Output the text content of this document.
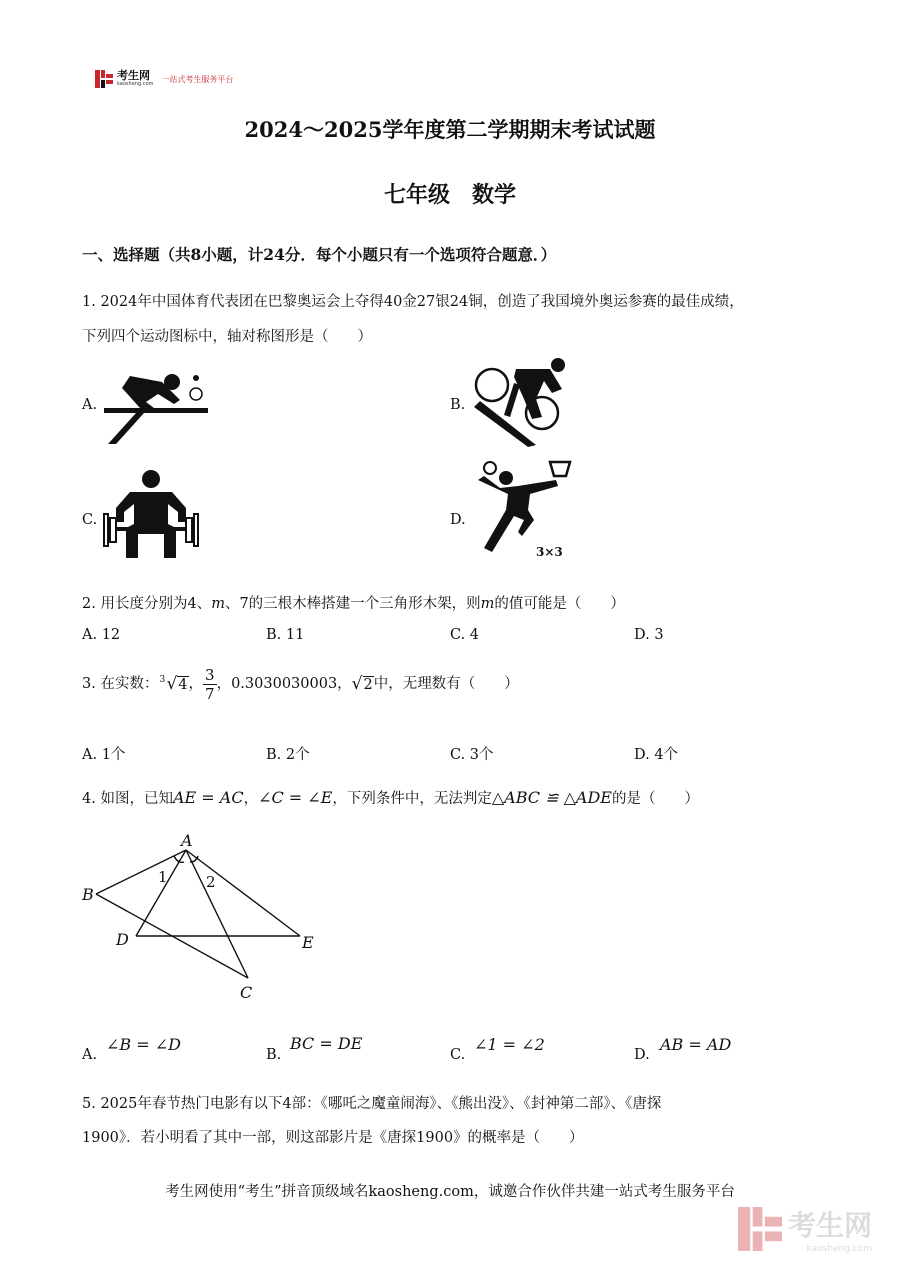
考生网
kaosheng.com
一站式考生服务平台
2024～2025学年度第二学期期末考试试题
七年级　数学
一、选择题（共8小题，计24分．每个小题只有一个选项符合题意．）
1. 2024年中国体育代表团在巴黎奥运会上夺得40金27银24铜，创造了我国境外奥运参赛的最佳成绩，
下列四个运动图标中，轴对称图形是（　　）
A.	B.
C.	D.
3×3
2. 用长度分别为4、m、7的三根木棒搭建一个三角形木架，则m的值可能是（　　）
A. 12	B. 11	C. 4	D. 3
3. 在实数： 3 √4 ， $\frac{3}{7}$ ，0.3030030003， √2 中，无理数有（　　）
A. 1个	B. 2个	C. 3个	D. 4个
4. 如图，已知AE = AC，∠C = ∠E，下列条件中，无法判定△ABC ≌ △ADE的是（　　）
A
B
C
D	E
1	2
A.
∠B = ∠D
B.
BC = DE
C.
∠1 = ∠2
D.
AB = AD
5. 2025年春节热门电影有以下4部：《哪吒之魔童闹海》、《熊出没》、《封神第二部》、《唐探
1900》．若小明看了其中一部，则这部影片是《唐探1900》的概率是（　　）
考生网使用“考生”拼音顶级域名kaosheng.com，诚邀合作伙伴共建一站式考生服务平台
考生网
kaosheng.com
